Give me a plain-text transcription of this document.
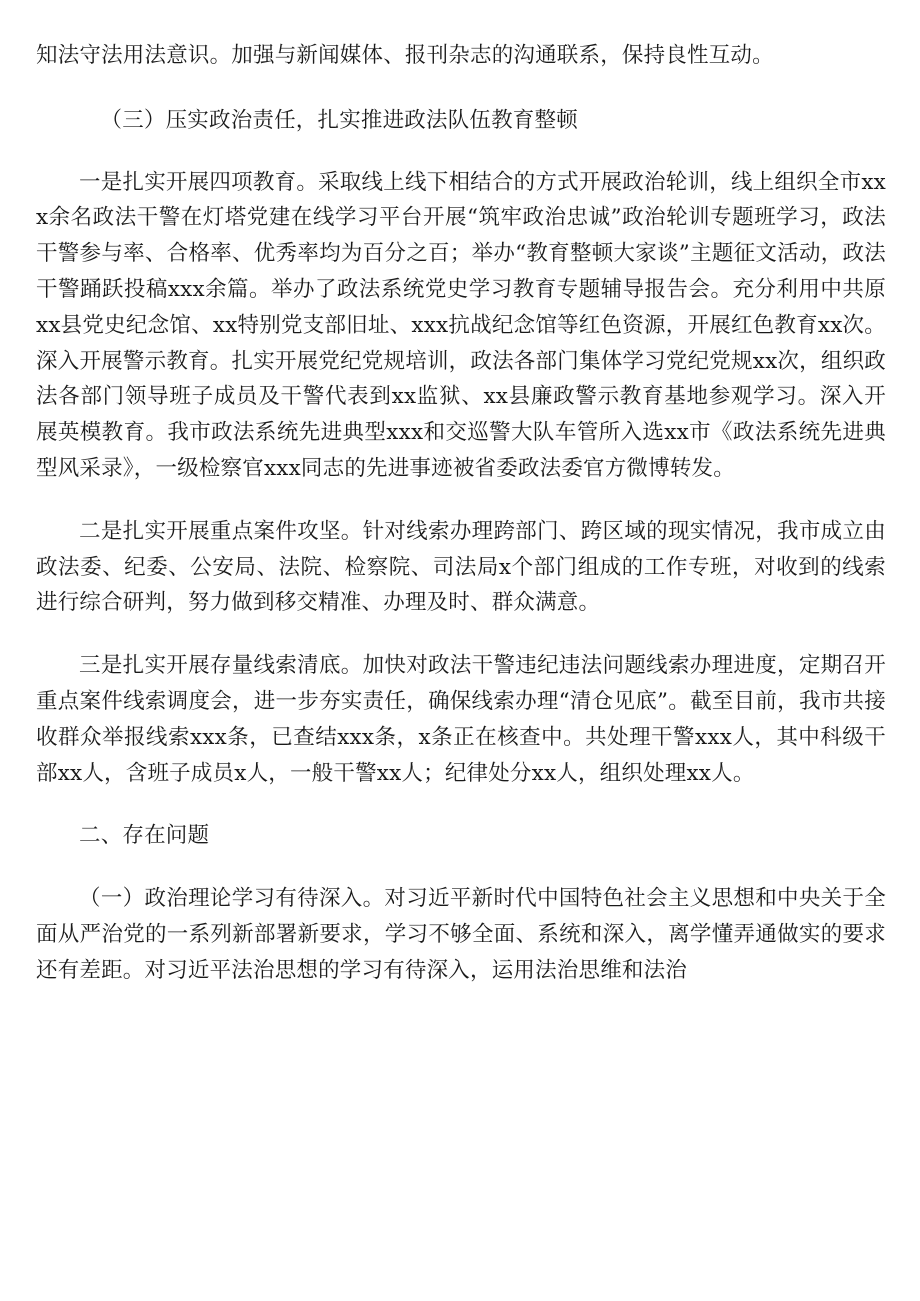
知法守法用法意识。加强与新闻媒体、报刊杂志的沟通联系，保持良性互动。

（三）压实政治责任，扎实推进政法队伍教育整顿

一是扎实开展四项教育。采取线上线下相结合的方式开展政治轮训，线上组织全市xxx余名政法干警在灯塔党建在线学习平台开展“筑牢政治忠诚”政治轮训专题班学习，政法干警参与率、合格率、优秀率均为百分之百；举办“教育整顿大家谈”主题征文活动，政法干警踊跃投稿xxx余篇。举办了政法系统党史学习教育专题辅导报告会。充分利用中共原xx县党史纪念馆、xx特别党支部旧址、xxx抗战纪念馆等红色资源，开展红色教育xx次。深入开展警示教育。扎实开展党纪党规培训，政法各部门集体学习党纪党规xx次，组织政法各部门领导班子成员及干警代表到xx监狱、xx县廉政警示教育基地参观学习。深入开展英模教育。我市政法系统先进典型xxx和交巡警大队车管所入选xx市《政法系统先进典型风采录》，一级检察官xxx同志的先进事迹被省委政法委官方微博转发。

二是扎实开展重点案件攻坚。针对线索办理跨部门、跨区域的现实情况，我市成立由政法委、纪委、公安局、法院、检察院、司法局x个部门组成的工作专班，对收到的线索进行综合研判，努力做到移交精准、办理及时、群众满意。

三是扎实开展存量线索清底。加快对政法干警违纪违法问题线索办理进度，定期召开重点案件线索调度会，进一步夯实责任，确保线索办理“清仓见底”。截至目前，我市共接收群众举报线索xxx条，已查结xxx条，x条正在核查中。共处理干警xxx人，其中科级干部xx人，含班子成员x人，一般干警xx人；纪律处分xx人，组织处理xx人。

二、存在问题

（一）政治理论学习有待深入。对习近平新时代中国特色社会主义思想和中央关于全面从严治党的一系列新部署新要求，学习不够全面、系统和深入，离学懂弄通做实的要求还有差距。对习近平法治思想的学习有待深入，运用法治思维和法治
